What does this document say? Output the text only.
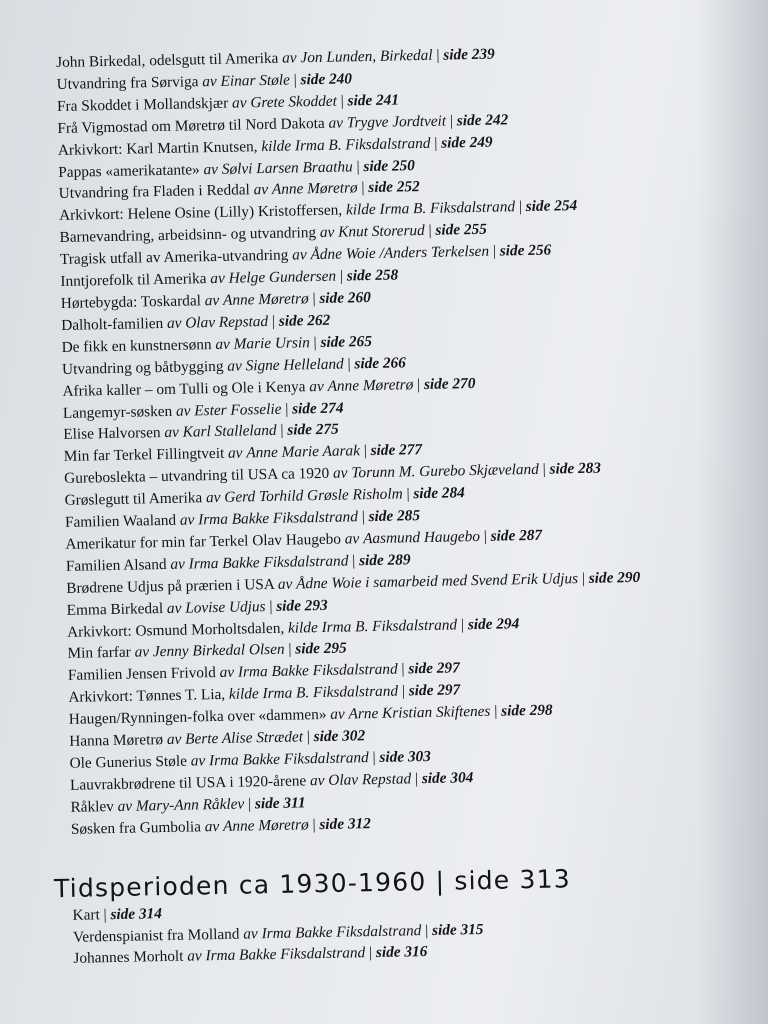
John Birkedal, odelsgutt til Amerika av Jon Lunden, Birkedal | side 239
Utvandring fra Sørviga av Einar Støle | side 240
Fra Skoddet i Mollandskjær av Grete Skoddet | side 241
Frå Vigmostad om Møretrø til Nord Dakota av Trygve Jordtveit | side 242
Arkivkort: Karl Martin Knutsen, kilde Irma B. Fiksdalstrand | side 249
Pappas «amerikatante» av Sølvi Larsen Braathu | side 250
Utvandring fra Fladen i Reddal av Anne Møretrø | side 252
Arkivkort: Helene Osine (Lilly) Kristoffersen, kilde Irma B. Fiksdalstrand | side 254
Barnevandring, arbeidsinn- og utvandring av Knut Storerud | side 255
Tragisk utfall av Amerika-utvandring av Ådne Woie /Anders Terkelsen | side 256
Inntjorefolk til Amerika av Helge Gundersen | side 258
Hørtebygda: Toskardal av Anne Møretrø | side 260
Dalholt-familien av Olav Repstad | side 262
De fikk en kunstnersønn av Marie Ursin | side 265
Utvandring og båtbygging av Signe Helleland | side 266
Afrika kaller – om Tulli og Ole i Kenya av Anne Møretrø | side 270
Langemyr-søsken av Ester Fosselie | side 274
Elise Halvorsen av Karl Stalleland | side 275
Min far Terkel Fillingtveit av Anne Marie Aarak | side 277
Gureboslekta – utvandring til USA ca 1920 av Torunn M. Gurebo Skjæveland | side 283
Grøslegutt til Amerika av Gerd Torhild Grøsle Risholm | side 284
Familien Waaland av Irma Bakke Fiksdalstrand | side 285
Amerikatur for min far Terkel Olav Haugebo av Aasmund Haugebo | side 287
Familien Alsand av Irma Bakke Fiksdalstrand | side 289
Brødrene Udjus på prærien i USA av Ådne Woie i samarbeid med Svend Erik Udjus | side 290
Emma Birkedal av Lovise Udjus | side 293
Arkivkort: Osmund Morholtsdalen, kilde Irma B. Fiksdalstrand | side 294
Min farfar av Jenny Birkedal Olsen | side 295
Familien Jensen Frivold av Irma Bakke Fiksdalstrand | side 297
Arkivkort: Tønnes T. Lia, kilde Irma B. Fiksdalstrand | side 297
Haugen/Rynningen-folka over «dammen» av Arne Kristian Skiftenes | side 298
Hanna Møretrø av Berte Alise Strædet | side 302
Ole Gunerius Støle av Irma Bakke Fiksdalstrand | side 303
Lauvrakbrødrene til USA i 1920-årene av Olav Repstad | side 304
Råklev av Mary-Ann Råklev | side 311
Søsken fra Gumbolia av Anne Møretrø | side 312
Tidsperioden ca 1930-1960 | side 313
Kart | side 314
Verdenspianist fra Molland av Irma Bakke Fiksdalstrand | side 315
Johannes Morholt av Irma Bakke Fiksdalstrand | side 316
